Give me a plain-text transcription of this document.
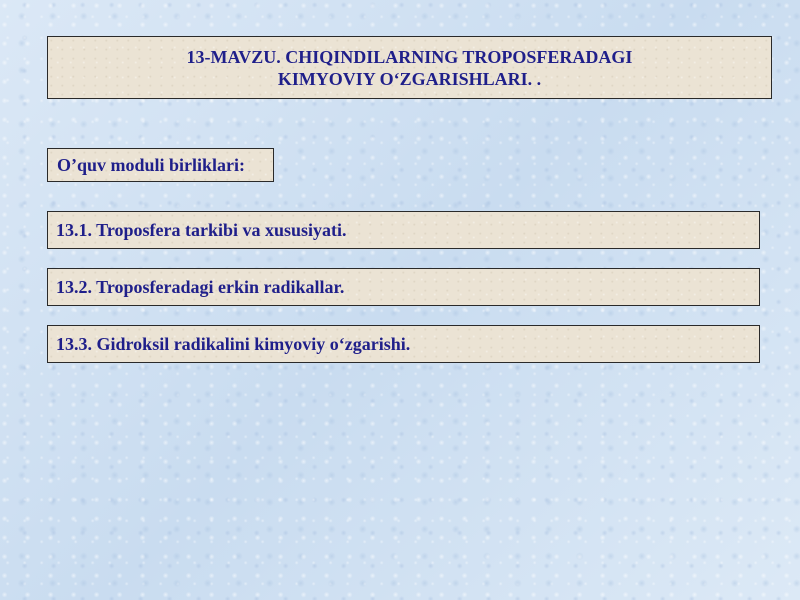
13-MAVZU. CHIQINDILARNING TROPOSFERADAGI
KIMYOVIY O‘ZGARISHLARI. .
O’quv moduli birliklari:
13.1. Troposfera tarkibi va xususiyati.
13.2. Troposferadagi erkin radikallar.
13.3. Gidroksil radikalini kimyoviy o‘zgarishi.
